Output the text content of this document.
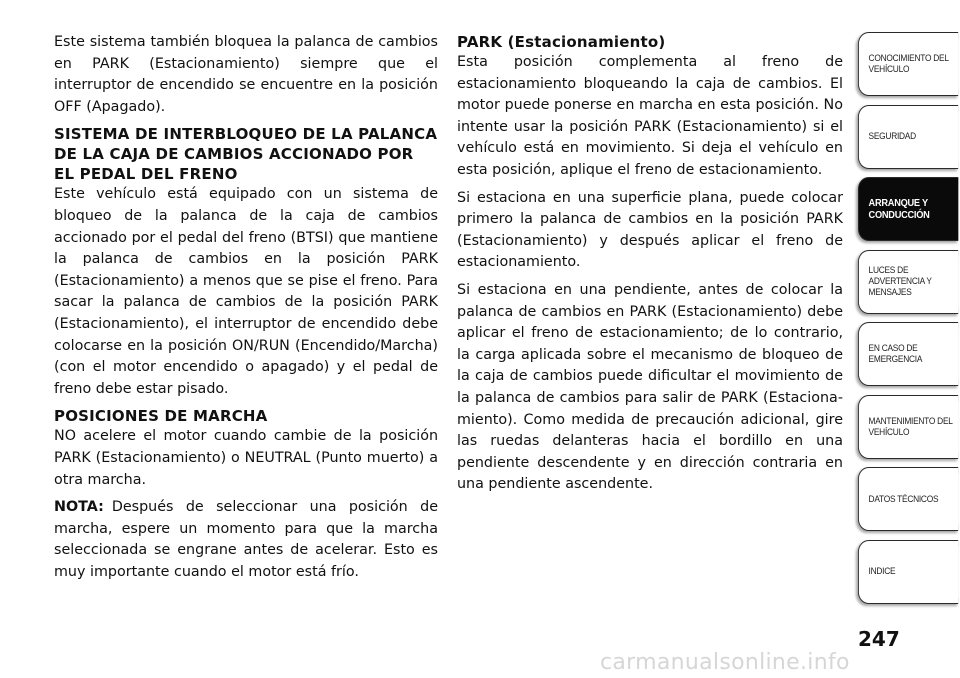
Este sistema también bloquea la palanca de cambios en PARK (Estacionamiento) siempre que el interruptor de encendido se encuentre en la posición OFF (Apagado).

SISTEMA DE INTERBLOQUEO DE LA PALANCA DE LA CAJA DE CAMBIOS ACCIONADO POR EL PEDAL DEL FRENO

Este vehículo está equipado con un sistema de bloqueo de la palanca de la caja de cambios accionado por el pedal del freno (BTSI) que mantiene la palanca de cambios en la posición PARK (Estacionamiento) a menos que se pise el freno. Para sacar la palanca de cambios de la posición PARK (Estacionamiento), el interruptor de encendido debe colocarse en la posición ON/RUN (Encendido/Marcha) (con el motor encendido o apagado) y el pedal de freno debe estar pisado.

POSICIONES DE MARCHA

NO acelere el motor cuando cambie de la posición PARK (Estacionamiento) o NEUTRAL (Punto muerto) a otra marcha.

NOTA: Después de seleccionar una posición de marcha, espere un momento para que la marcha seleccionada se engrane antes de acelerar. Esto es muy importante cuando el motor está frío.

PARK (Estacionamiento)

Esta posición complementa al freno de estacionamiento bloqueando la caja de cambios. El motor puede ponerse en marcha en esta posición. No intente usar la posición PARK (Estacionamiento) si el vehículo está en movimiento. Si deja el vehículo en esta posición, aplique el freno de estacionamiento.

Si estaciona en una superficie plana, puede colocar primero la palanca de cambios en la posición PARK (Estacionamiento) y después aplicar el freno de estacionamiento.

Si estaciona en una pendiente, antes de colocar la palanca de cambios en PARK (Estacionamiento) debe aplicar el freno de estacionamiento; de lo contrario, la carga aplicada sobre el mecanismo de bloqueo de la caja de cambios puede dificultar el movimiento de la palanca de cambios para salir de PARK (Estacionamiento). Como medida de precaución adicional, gire las ruedas delanteras hacia el bordillo en una pendiente descendente y en dirección contraria en una pendiente ascendente.

CONOCIMIENTO DEL VEHÍCULO
SEGURIDAD
ARRANQUE Y CONDUCCIÓN
LUCES DE ADVERTENCIA Y MENSAJES
EN CASO DE EMERGENCIA
MANTENIMIENTO DEL VEHÍCULO
DATOS TÉCNICOS
INDICE
247
carmanualsonline.info
